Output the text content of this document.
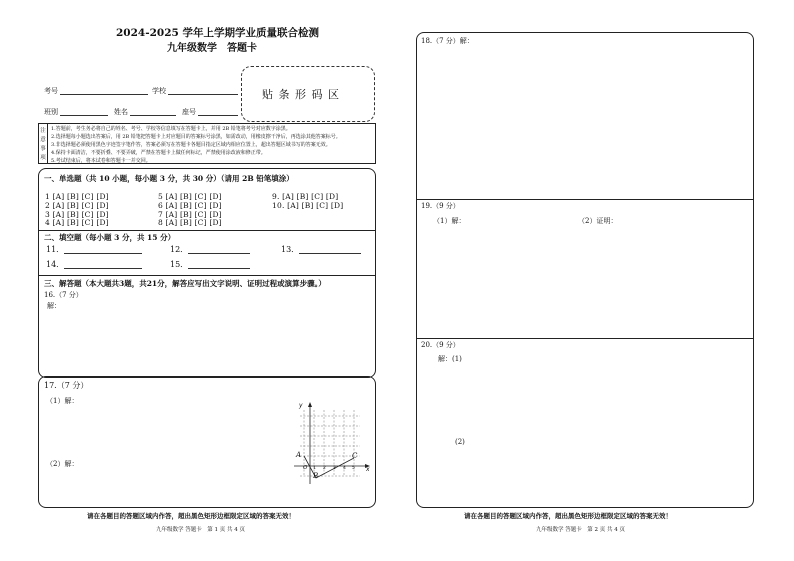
2024-2025 学年上学期学业质量联合检测
九年级数学　答题卡
考号	学校
班别	姓名	座号
贴 条 形 码 区
注
意
事
项
1.答题前，考生务必将自己的姓名、考号、学校等信息填写在答题卡上，并用 2B 铅笔将考号对应数字涂黑。
2.选择题每小题选出答案后，用 2B 铅笔把答题卡上对应题目的答案标号涂黑，如需改动，用橡皮擦干净后，再选涂其他答案标号。
3.非选择题必须使用黑色字迹签字笔作答，答案必须写在答题卡各题目指定区域内相应位置上，超出答题区域书写的答案无效。
4.保持卡面清洁，不要折叠、不要弄破，严禁在答题卡上做任何标记，严禁使用涂改液和修正带。
5.考试结束后，将本试卷和答题卡一并交回。
一、单选题（共 10 小题，每小题 3 分，共 30 分）（请用 2B 铅笔填涂）
1 [A] [B] [C] [D]
2 [A] [B] [C] [D]
3 [A] [B] [C] [D]
4 [A] [B] [C] [D]
5 [A] [B] [C] [D]
6 [A] [B] [C] [D]
7 [A] [B] [C] [D]
8 [A] [B] [C] [D]
9. [A] [B] [C] [D]
10. [A] [B] [C] [D]
二、填空题（每小题 3 分，共 15 分）
11．	12．	13．
14．	15．
三、解答题（本大题共3题，共21分，解答应写出文字说明、证明过程或演算步骤。）
16.（7 分）
解：
17.（7 分）
（1）解：
（2）解：
y
x
O
A
B
C
1 2 3 4 5
请在各题目的答题区域内作答，超出黑色矩形边框限定区域的答案无效！
九年级数学 答题卡　第 1 页 共 4 页
18.（7 分）解：
19.（9 分）
（1）解：	（2）证明：
20.（9 分）
解：(1)
(2)
请在各题目的答题区域内作答，超出黑色矩形边框限定区域的答案无效！
九年级数学 答题卡　第 2 页 共 4 页
